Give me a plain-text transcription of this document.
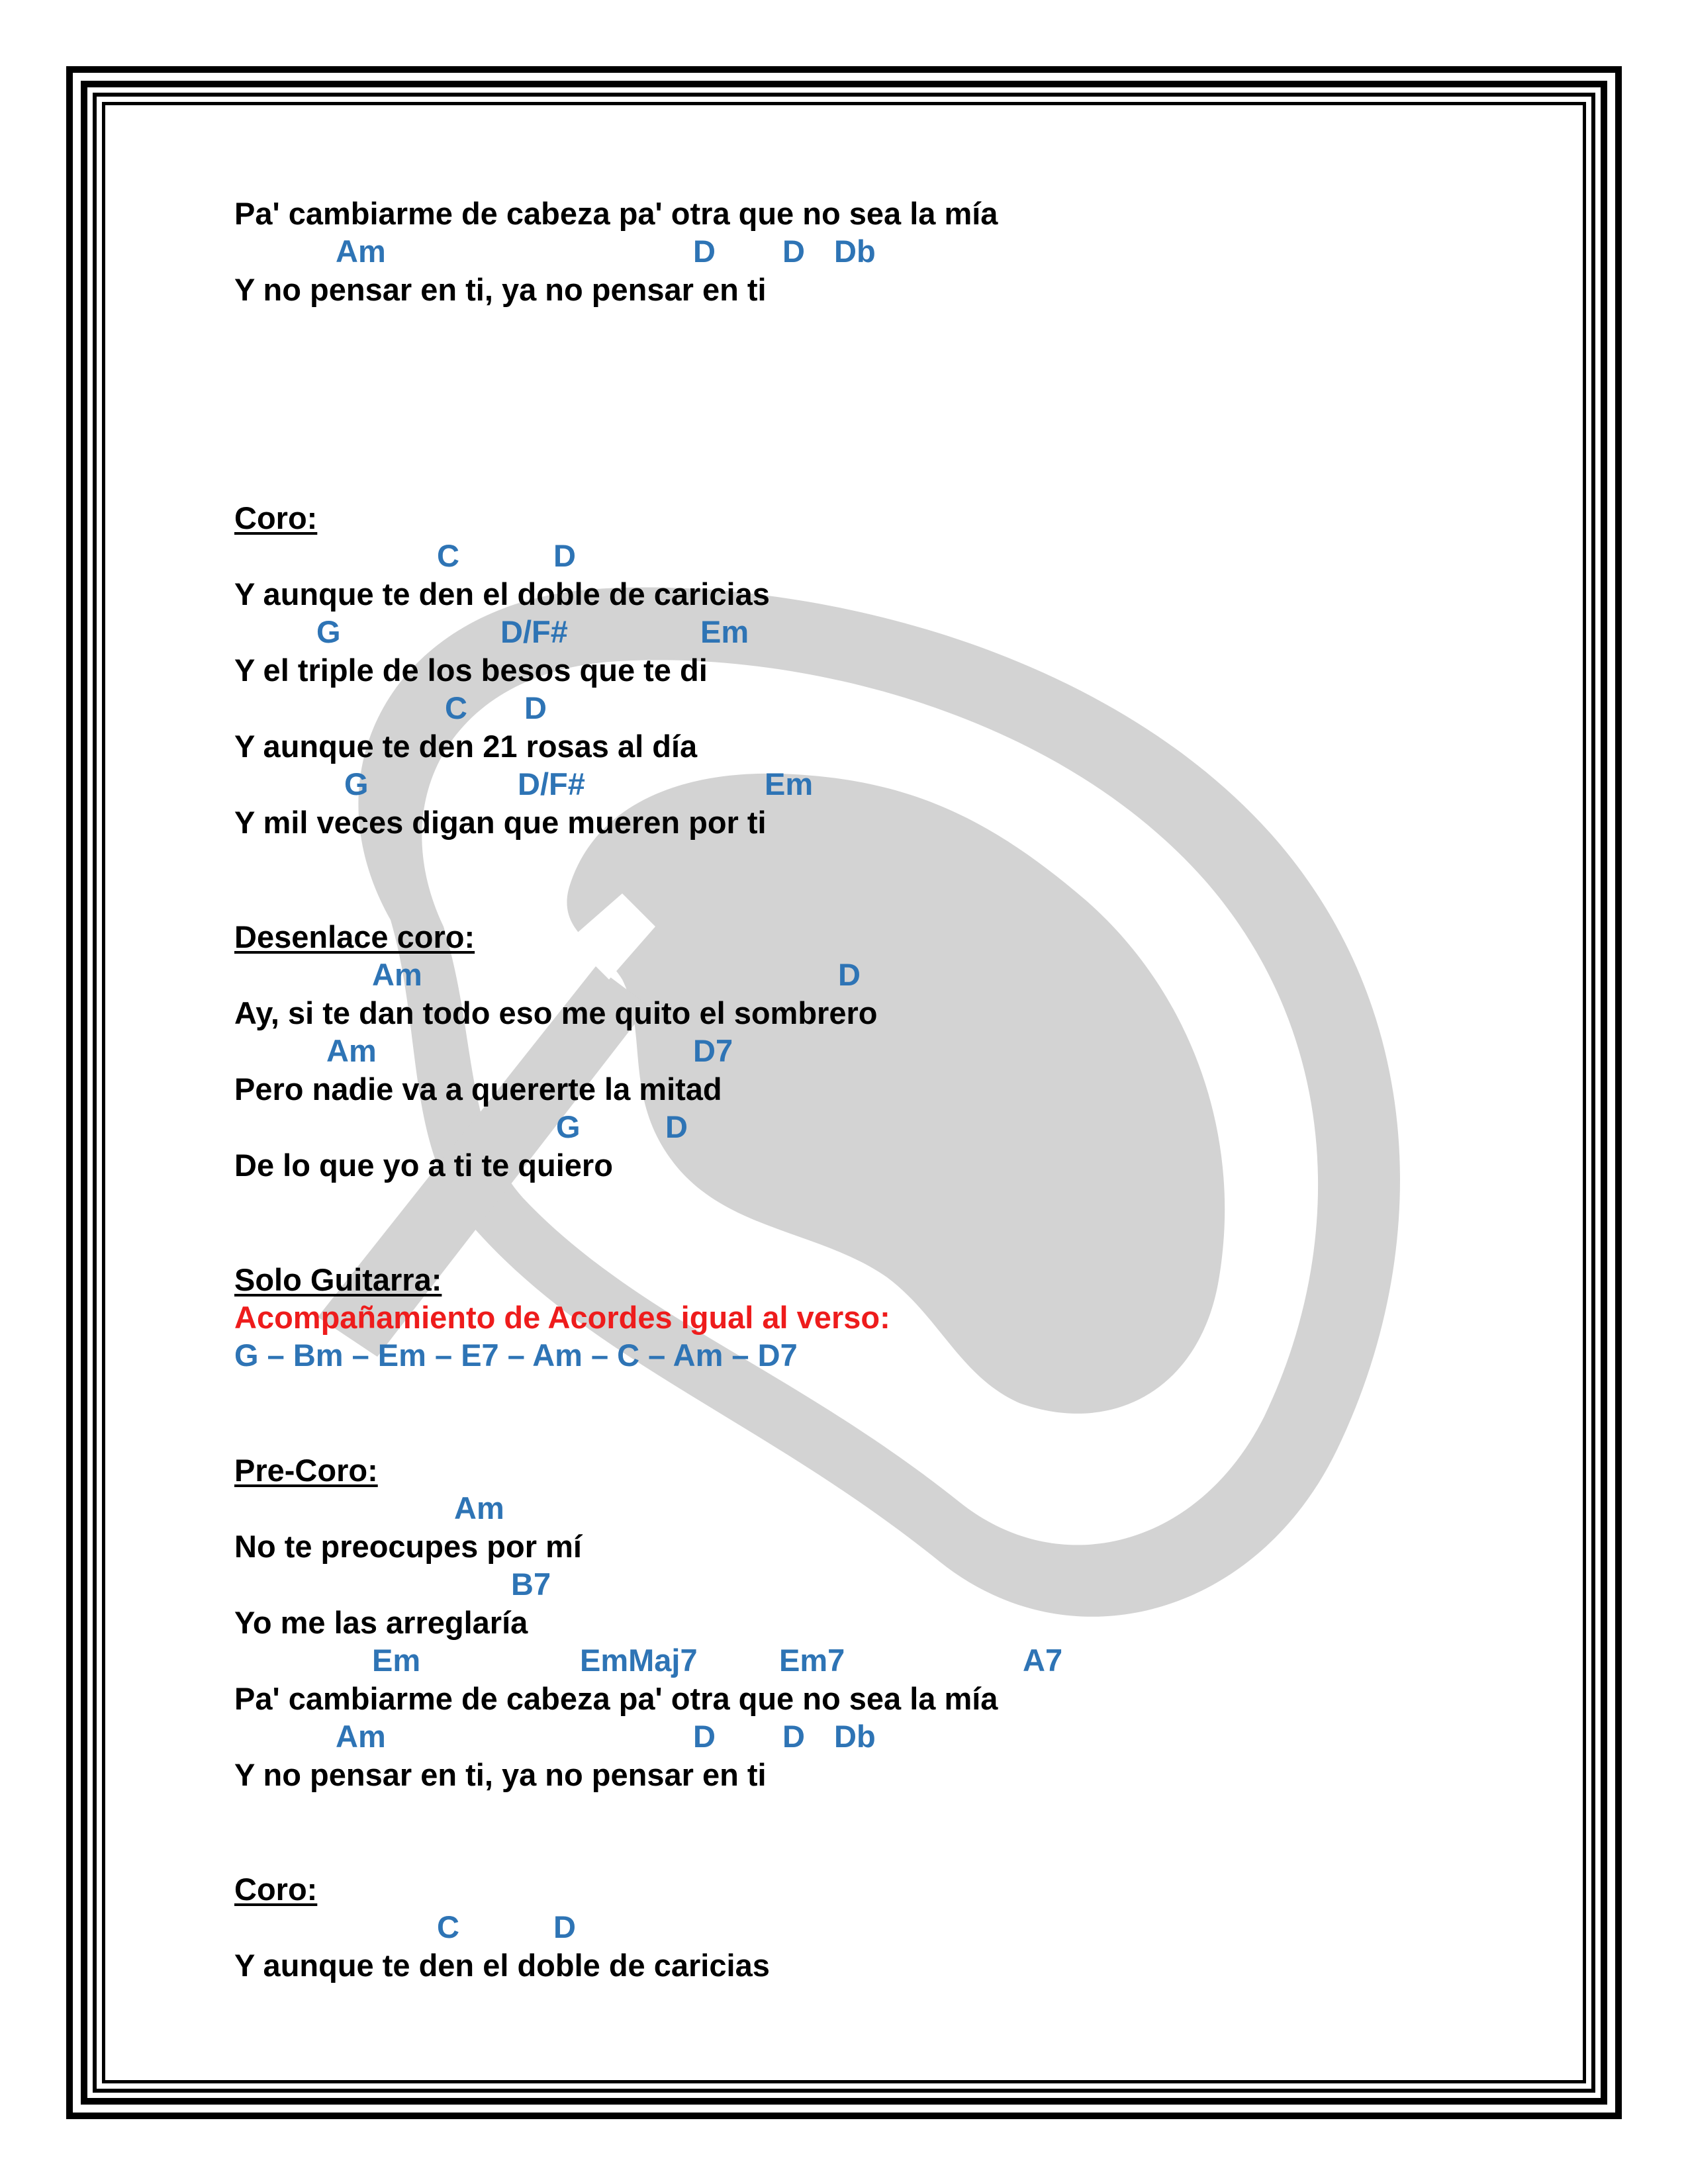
Pa' cambiarme de cabeza pa' otra que no sea la mía
Am	D D Db
Y no pensar en ti, ya no pensar en ti
Coro:
C	D
Y aunque te den el doble de caricias
G	D/F#	Em
Y el triple de los besos que te di
C D
Y aunque te den 21 rosas al día
G	D/F#	Em
Y mil veces digan que mueren por ti
Desenlace coro:
Am	D
Ay, si te dan todo eso me quito el sombrero
Am	D7
Pero nadie va a quererte la mitad
G	D
De lo que yo a ti te quiero
Solo Guitarra:
Acompañamiento de Acordes igual al verso:
G – Bm – Em – E7 – Am – C – Am – D7
Pre-Coro:
Am
No te preocupes por mí
B7
Yo me las arreglaría
Em	EmMaj7	Em7	A7
Pa' cambiarme de cabeza pa' otra que no sea la mía
Am	D D Db
Y no pensar en ti, ya no pensar en ti
Coro:
C	D
Y aunque te den el doble de caricias
